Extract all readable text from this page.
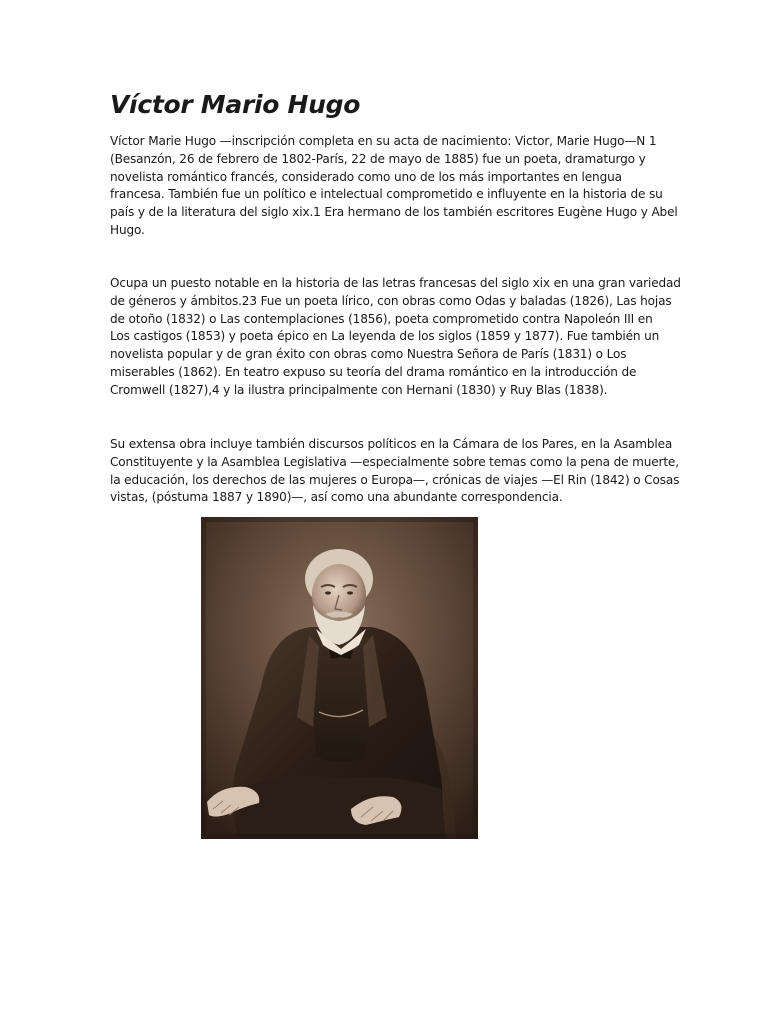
Víctor Mario Hugo

Víctor Marie Hugo —inscripción completa en su acta de nacimiento: Victor, Marie Hugo—N 1
(Besanzón, 26 de febrero de 1802-París, 22 de mayo de 1885) fue un poeta, dramaturgo y
novelista romántico francés, considerado como uno de los más importantes en lengua
francesa. También fue un político e intelectual comprometido e influyente en la historia de su
país y de la literatura del siglo xix.1 Era hermano de los también escritores Eugène Hugo y Abel
Hugo.

Ocupa un puesto notable en la historia de las letras francesas del siglo xix en una gran variedad
de géneros y ámbitos.23 Fue un poeta lírico, con obras como Odas y baladas (1826), Las hojas
de otoño (1832) o Las contemplaciones (1856), poeta comprometido contra Napoleón III en
Los castigos (1853) y poeta épico en La leyenda de los siglos (1859 y 1877). Fue también un
novelista popular y de gran éxito con obras como Nuestra Señora de París (1831) o Los
miserables (1862). En teatro expuso su teoría del drama romántico en la introducción de
Cromwell (1827),4 y la ilustra principalmente con Hernani (1830) y Ruy Blas (1838).

Su extensa obra incluye también discursos políticos en la Cámara de los Pares, en la Asamblea
Constituyente y la Asamblea Legislativa —especialmente sobre temas como la pena de muerte,
la educación, los derechos de las mujeres o Europa—, crónicas de viajes —El Rin (1842) o Cosas
vistas, (póstuma 1887 y 1890)—, así como una abundante correspondencia.
